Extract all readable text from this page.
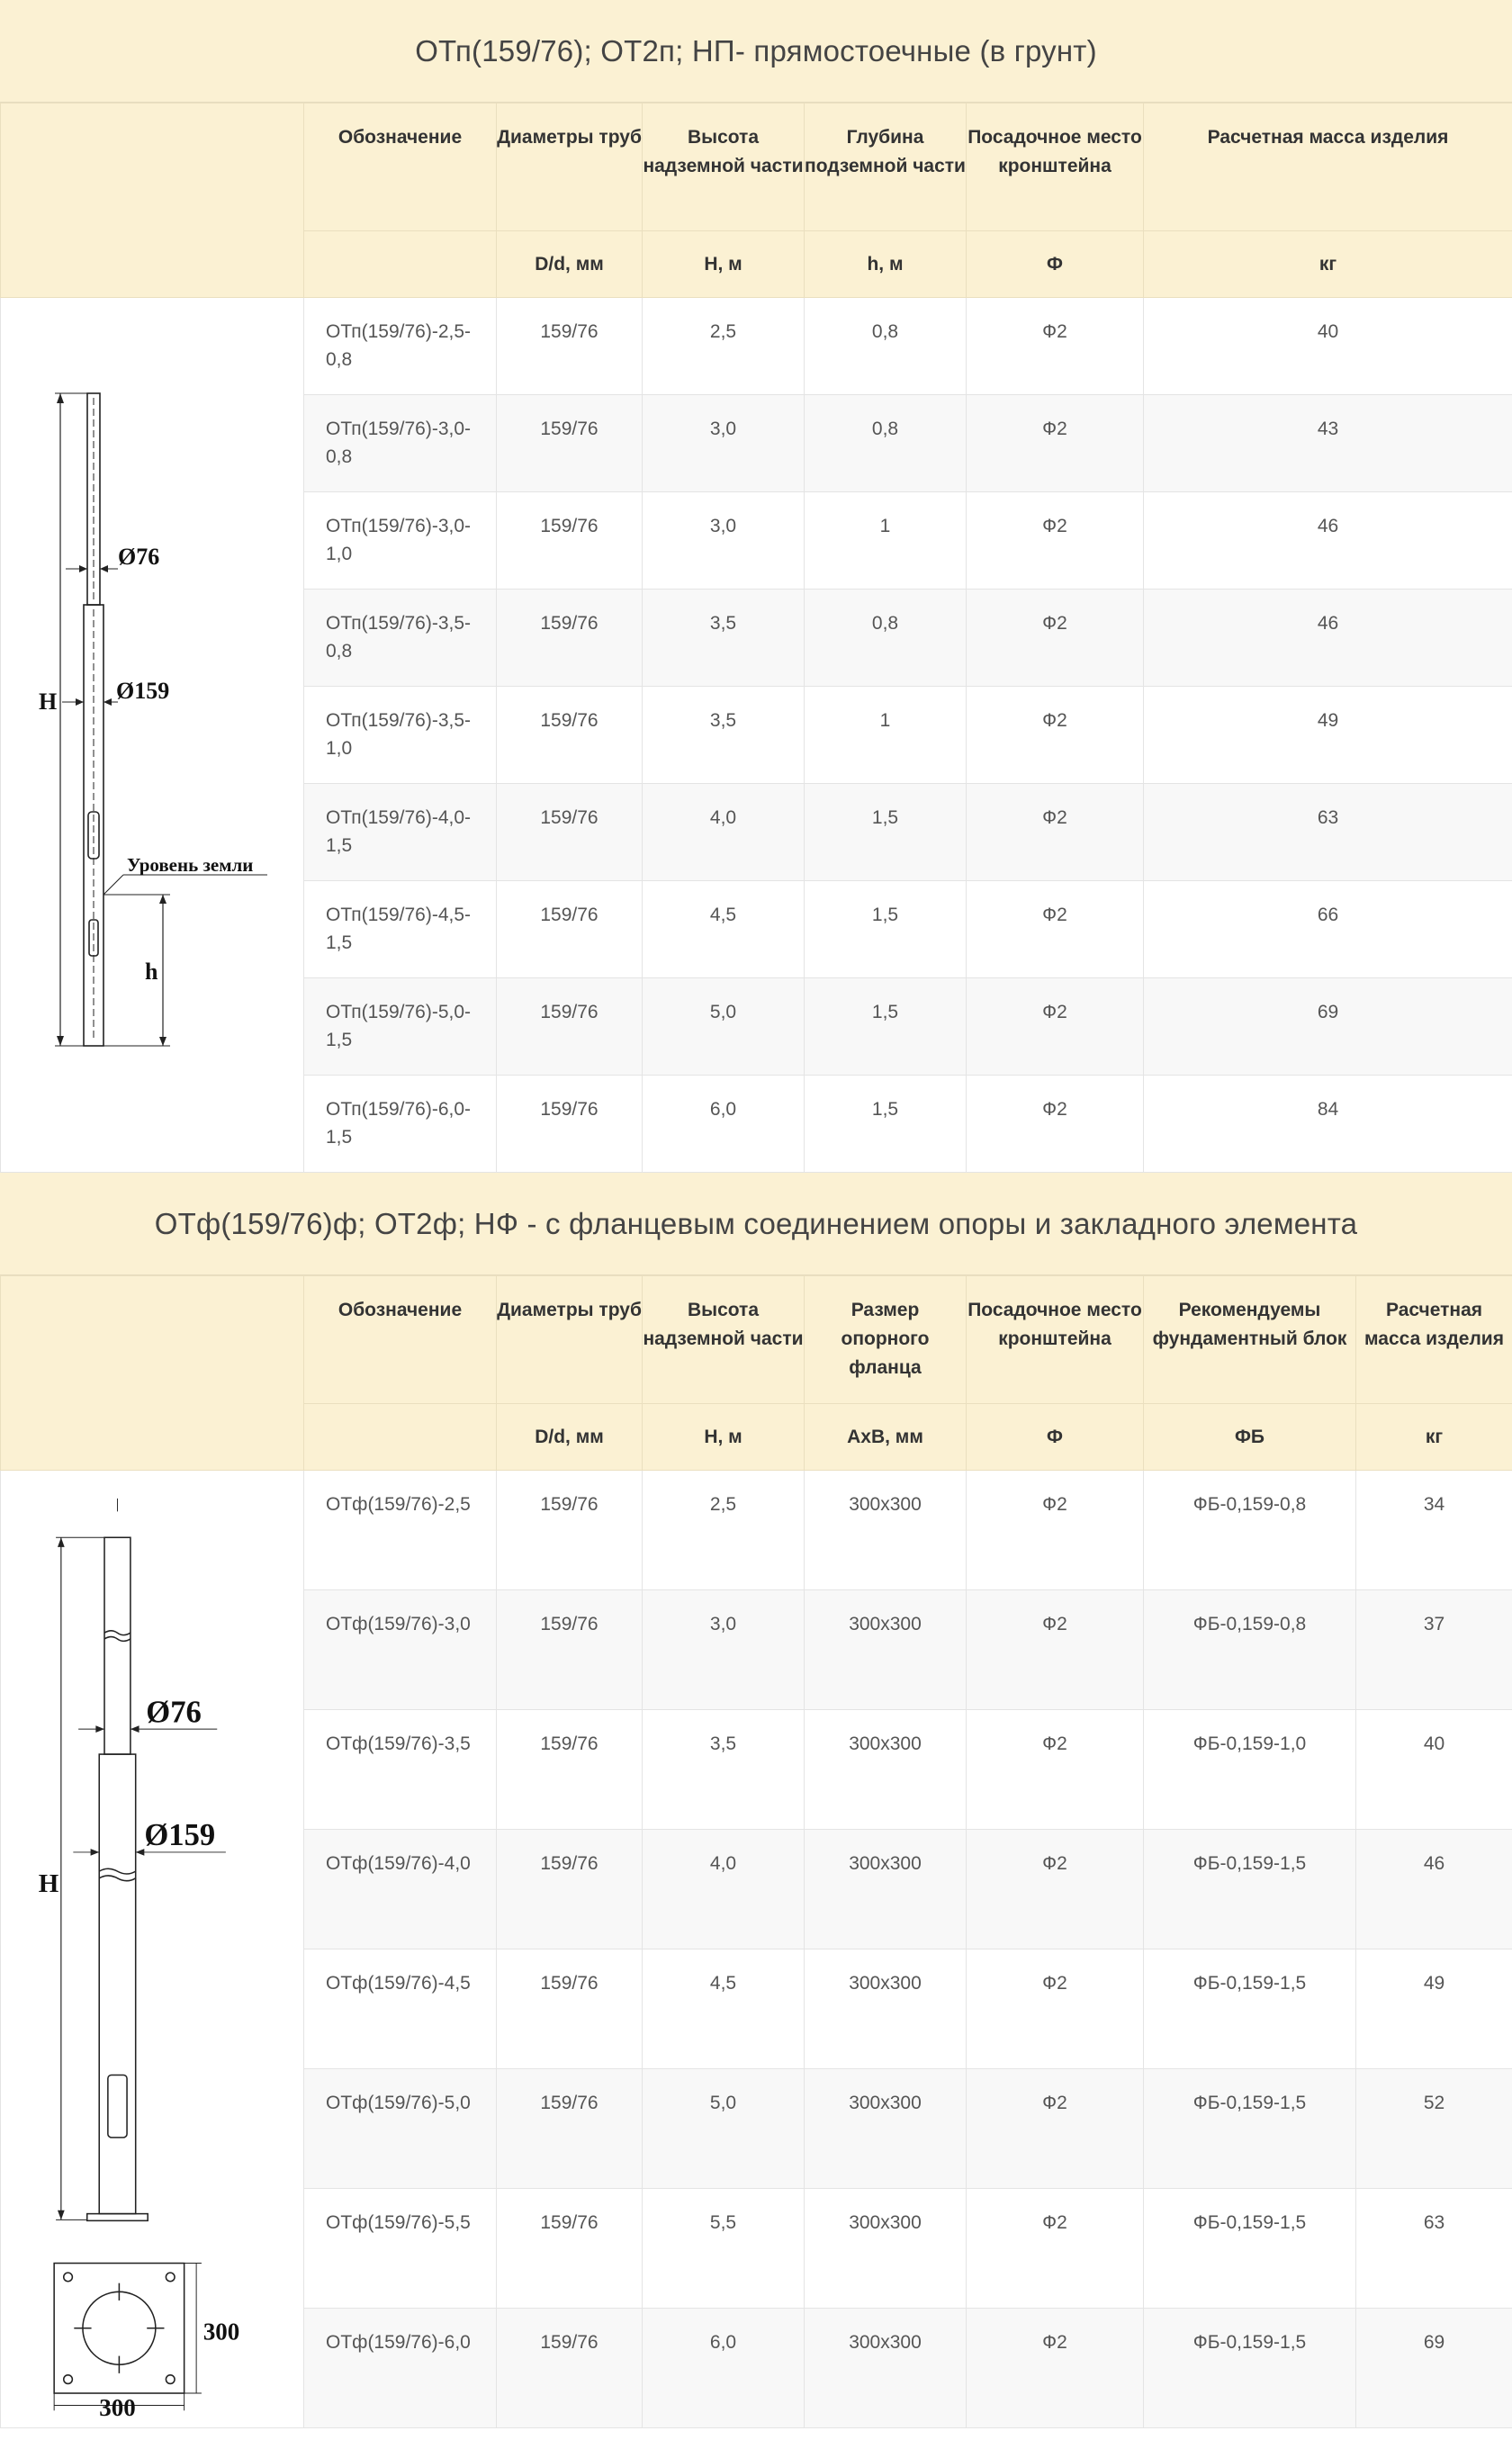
ОТп(159/76); ОТ2п; НП- прямостоечные (в грунт)
	Обозначение	Диаметры труб	Высота надземной части	Глубина подземной части	Посадочное место кронштейна	Расчетная масса изделия
		D/d, мм	H, м	h, м	Ф	кг

Ø76
Ø159
H
Уровень земли
h	ОТп(159/76)-2,5-0,8	159/76	2,5	0,8	Ф2	40
	ОТп(159/76)-3,0-0,8	159/76	3,0	0,8	Ф2	43
	ОТп(159/76)-3,0-1,0	159/76	3,0	1	Ф2	46
	ОТп(159/76)-3,5-0,8	159/76	3,5	0,8	Ф2	46
	ОТп(159/76)-3,5-1,0	159/76	3,5	1	Ф2	49
	ОТп(159/76)-4,0-1,5	159/76	4,0	1,5	Ф2	63
	ОТп(159/76)-4,5-1,5	159/76	4,5	1,5	Ф2	66
	ОТп(159/76)-5,0-1,5	159/76	5,0	1,5	Ф2	69
	ОТп(159/76)-6,0-1,5	159/76	6,0	1,5	Ф2	84
ОТф(159/76)ф; ОТ2ф; НФ - с фланцевым соединением опоры и закладного элемента
	Обозначение	Диаметры труб	Высота надземной части	Размер опорного фланца	Посадочное место кронштейна	Рекомендуемы фундаментный блок	Расчетная масса изделия
		D/d, мм	H, м	АхВ, мм	Ф	ФБ	кг

Ø76
Ø159
H
300
300	ОТф(159/76)-2,5	159/76	2,5	300х300	Ф2	ФБ-0,159-0,8	34
	ОТф(159/76)-3,0	159/76	3,0	300х300	Ф2	ФБ-0,159-0,8	37
	ОТф(159/76)-3,5	159/76	3,5	300х300	Ф2	ФБ-0,159-1,0	40
	ОТф(159/76)-4,0	159/76	4,0	300х300	Ф2	ФБ-0,159-1,5	46
	ОТф(159/76)-4,5	159/76	4,5	300х300	Ф2	ФБ-0,159-1,5	49
	ОТф(159/76)-5,0	159/76	5,0	300х300	Ф2	ФБ-0,159-1,5	52
	ОТф(159/76)-5,5	159/76	5,5	300х300	Ф2	ФБ-0,159-1,5	63
	ОТф(159/76)-6,0	159/76	6,0	300х300	Ф2	ФБ-0,159-1,5	69
